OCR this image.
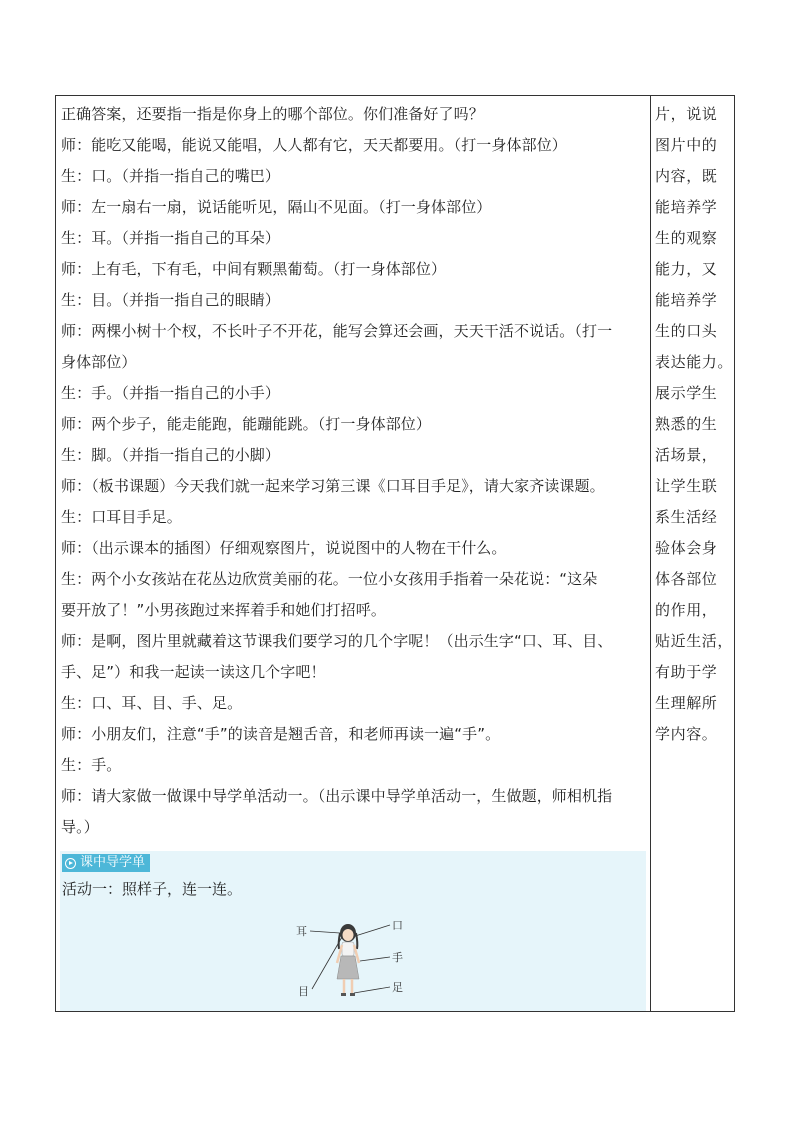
正确答案，还要指一指是你身上的哪个部位。你们准备好了吗？
师：能吃又能喝，能说又能唱，人人都有它，天天都要用。（打一身体部位）
生：口。（并指一指自己的嘴巴）
师：左一扇右一扇，说话能听见，隔山不见面。（打一身体部位）
生：耳。（并指一指自己的耳朵）
师：上有毛，下有毛，中间有颗黑葡萄。（打一身体部位）
生：目。（并指一指自己的眼睛）
师：两棵小树十个杈，不长叶子不开花，能写会算还会画，天天干活不说话。（打一
身体部位）
生：手。（并指一指自己的小手）
师：两个步子，能走能跑，能蹦能跳。（打一身体部位）
生：脚。（并指一指自己的小脚）
师：（板书课题）今天我们就一起来学习第三课《口耳目手足》，请大家齐读课题。
生：口耳目手足。
师：（出示课本的插图）仔细观察图片，说说图中的人物在干什么。
生：两个小女孩站在花丛边欣赏美丽的花。一位小女孩用手指着一朵花说：“这朵
要开放了！”小男孩跑过来挥着手和她们打招呼。
师：是啊，图片里就藏着这节课我们要学习的几个字呢！（出示生字“口、耳、目、
手、足”）和我一起读一读这几个字吧！
生：口、耳、目、手、足。
师：小朋友们，注意“手”的读音是翘舌音，和老师再读一遍“手”。
生：手。
师：请大家做一做课中导学单活动一。（出示课中导学单活动一，生做题，师相机指
导。）
课中导学单
活动一：照样子，连一连。
耳	口
目
手
足
片，说说
图片中的
内容，既
能培养学
生的观察
能力，又
能培养学
生的口头
表达能力。
展示学生
熟悉的生
活场景，
让学生联
系生活经
验体会身
体各部位
的作用，
贴近生活，
有助于学
生理解所
学内容。
